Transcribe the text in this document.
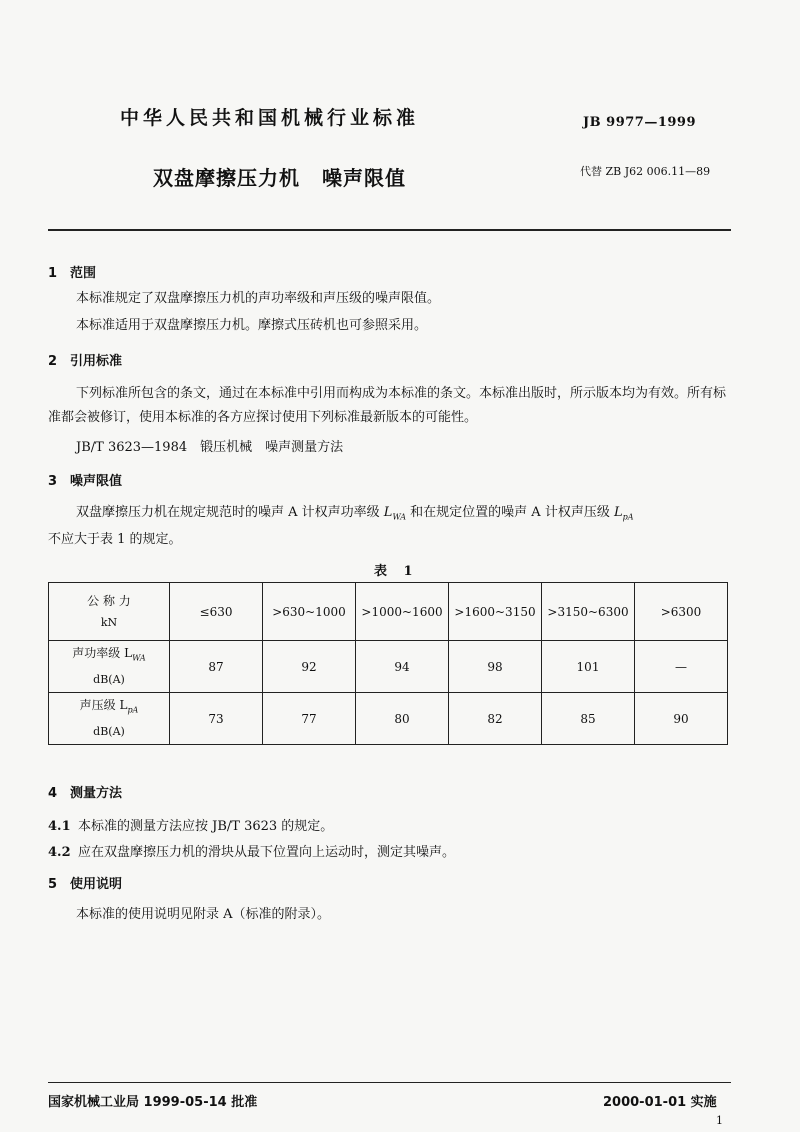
中华人民共和国机械行业标准	JB 9977—1999
双盘摩擦压力机 噪声限值	代替 ZB J62 006.11—89
1 范围
本标准规定了双盘摩擦压力机的声功率级和声压级的噪声限值。
本标准适用于双盘摩擦压力机。摩擦式压砖机也可参照采用。
2 引用标准
下列标准所包含的条文，通过在本标准中引用而构成为本标准的条文。本标准出版时，所示版本均为有效。所有标准都会被修订，使用本标准的各方应探讨使用下列标准最新版本的可能性。
JB/T 3623—1984　锻压机械　噪声测量方法
3 噪声限值
双盘摩擦压力机在规定规范时的噪声 A 计权声功率级 $L_{WA}$ 和在规定位置的噪声 A 计权声压级 $L_{pA}$
不应大于表 1 的规定。
表 1
公 称 力
kN	≤630	>630~1000	>1000~1600	>1600~3150	>3150~6300	>6300
声功率级 $L_{WA}$
dB(A)	87	92	94	98	101	—
声压级 $L_{pA}$
dB(A)	73	77	80	82	85	90
4 测量方法
4.1 本标准的测量方法应按 JB/T 3623 的规定。
4.2 应在双盘摩擦压力机的滑块从最下位置向上运动时，测定其噪声。
5 使用说明
本标准的使用说明见附录 A（标准的附录）。
国家机械工业局 1999-05-14 批准	2000-01-01 实施
1
